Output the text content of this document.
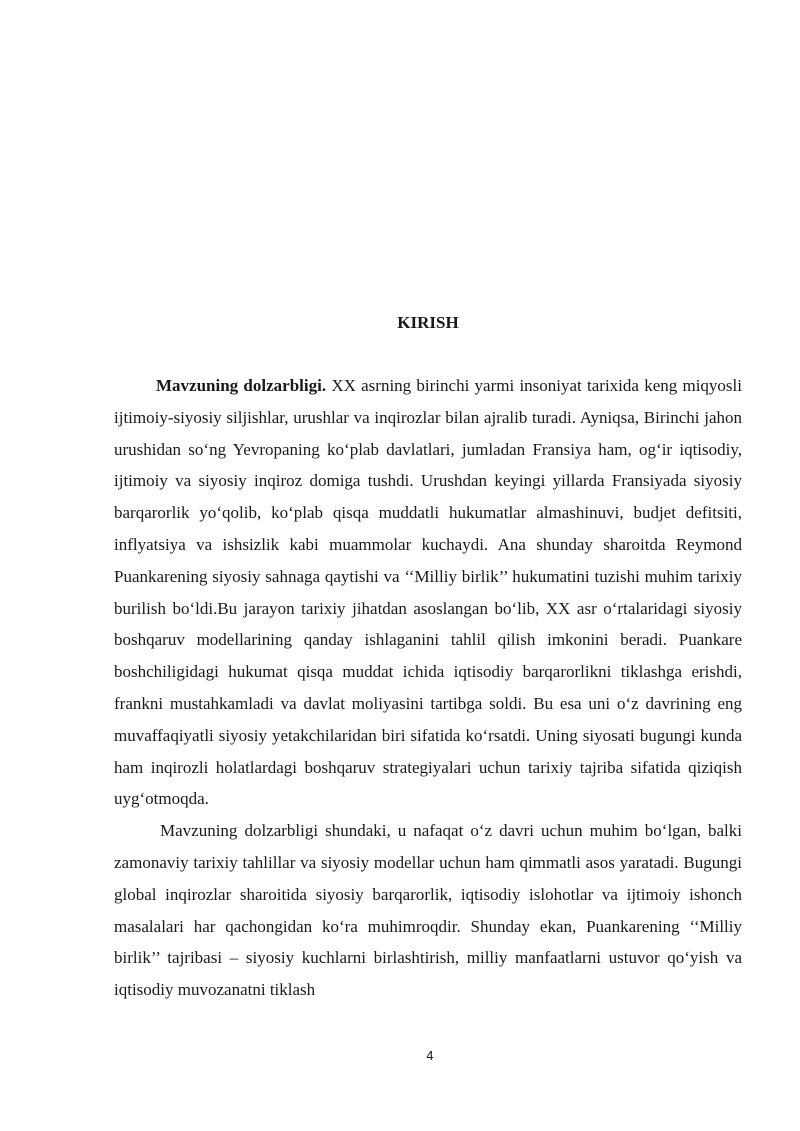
KIRISH

Mavzuning dolzarbligi. XX asrning birinchi yarmi insoniyat tarixida keng miqyosli ijtimoiy-siyosiy siljishlar, urushlar va inqirozlar bilan ajralib turadi. Ayniqsa, Birinchi jahon urushidan so‘ng Yevropaning ko‘plab davlatlari, jumladan Fransiya ham, og‘ir iqtisodiy, ijtimoiy va siyosiy inqiroz domiga tushdi. Urushdan keyingi yillarda Fransiyada siyosiy barqarorlik yo‘qolib, ko‘plab qisqa muddatli hukumatlar almashinuvi, budjet defitsiti, inflyatsiya va ishsizlik kabi muammolar kuchaydi. Ana shunday sharoitda Reymond Puankarening siyosiy sahnaga qaytishi va ‘‘Milliy birlik’’ hukumatini tuzishi muhim tarixiy burilish bo‘ldi.Bu jarayon tarixiy jihatdan asoslangan bo‘lib, XX asr o‘rtalaridagi siyosiy boshqaruv modellarining qanday ishlaganini tahlil qilish imkonini beradi. Puankare boshchiligidagi hukumat qisqa muddat ichida iqtisodiy barqarorlikni tiklashga erishdi, frankni mustahkamladi va davlat moliyasini tartibga soldi. Bu esa uni o‘z davrining eng muvaffaqiyatli siyosiy yetakchilaridan biri sifatida ko‘rsatdi. Uning siyosati bugungi kunda ham inqirozli holatlardagi boshqaruv strategiyalari uchun tarixiy tajriba sifatida qiziqish uyg‘otmoqda.

Mavzuning dolzarbligi shundaki, u nafaqat o‘z davri uchun muhim bo‘lgan, balki zamonaviy tarixiy tahlillar va siyosiy modellar uchun ham qimmatli asos yaratadi. Bugungi global inqirozlar sharoitida siyosiy barqarorlik, iqtisodiy islohotlar va ijtimoiy ishonch masalalari har qachongidan ko‘ra muhimroqdir. Shunday ekan, Puankarening ‘‘Milliy birlik’’ tajribasi – siyosiy kuchlarni birlashtirish, milliy manfaatlarni ustuvor qo‘yish va iqtisodiy muvozanatni tiklash

4
